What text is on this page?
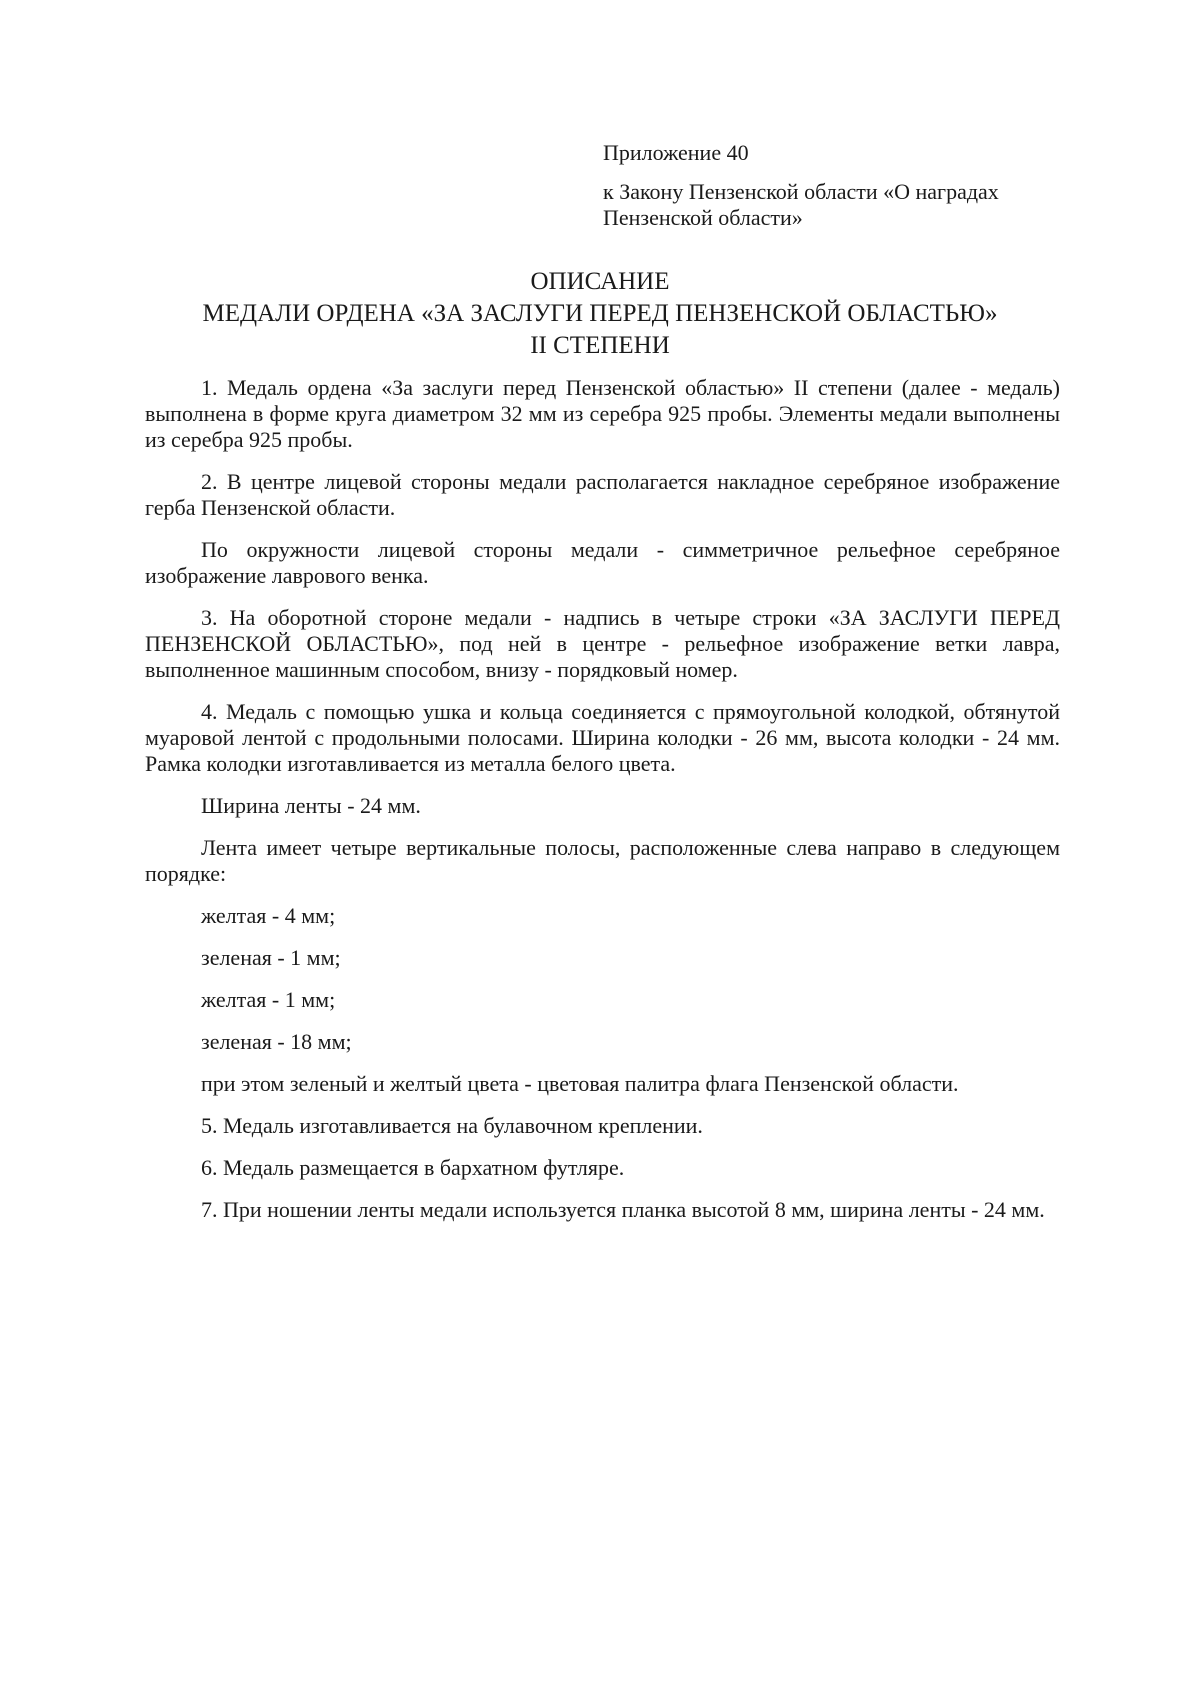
Приложение 40

к Закону Пензенской области «О наградах Пензенской области»

ОПИСАНИЕ
МЕДАЛИ ОРДЕНА «ЗА ЗАСЛУГИ ПЕРЕД ПЕНЗЕНСКОЙ ОБЛАСТЬЮ»
II СТЕПЕНИ

1. Медаль ордена «За заслуги перед Пензенской областью» II степени (далее - медаль) выполнена в форме круга диаметром 32 мм из серебра 925 пробы. Элементы медали выполнены из серебра 925 пробы.

2. В центре лицевой стороны медали располагается накладное серебряное изображение герба Пензенской области.

По окружности лицевой стороны медали - симметричное рельефное серебряное изображение лаврового венка.

3. На оборотной стороне медали - надпись в четыре строки «ЗА ЗАСЛУГИ ПЕРЕД ПЕНЗЕНСКОЙ ОБЛАСТЬЮ», под ней в центре - рельефное изображение ветки лавра, выполненное машинным способом, внизу - порядковый номер.

4. Медаль с помощью ушка и кольца соединяется с прямоугольной колодкой, обтянутой муаровой лентой с продольными полосами. Ширина колодки - 26 мм, высота колодки - 24 мм. Рамка колодки изготавливается из металла белого цвета.

Ширина ленты - 24 мм.

Лента имеет четыре вертикальные полосы, расположенные слева направо в следующем порядке:

желтая - 4 мм;

зеленая - 1 мм;

желтая - 1 мм;

зеленая - 18 мм;

при этом зеленый и желтый цвета - цветовая палитра флага Пензенской области.

5. Медаль изготавливается на булавочном креплении.

6. Медаль размещается в бархатном футляре.

7. При ношении ленты медали используется планка высотой 8 мм, ширина ленты - 24 мм.
